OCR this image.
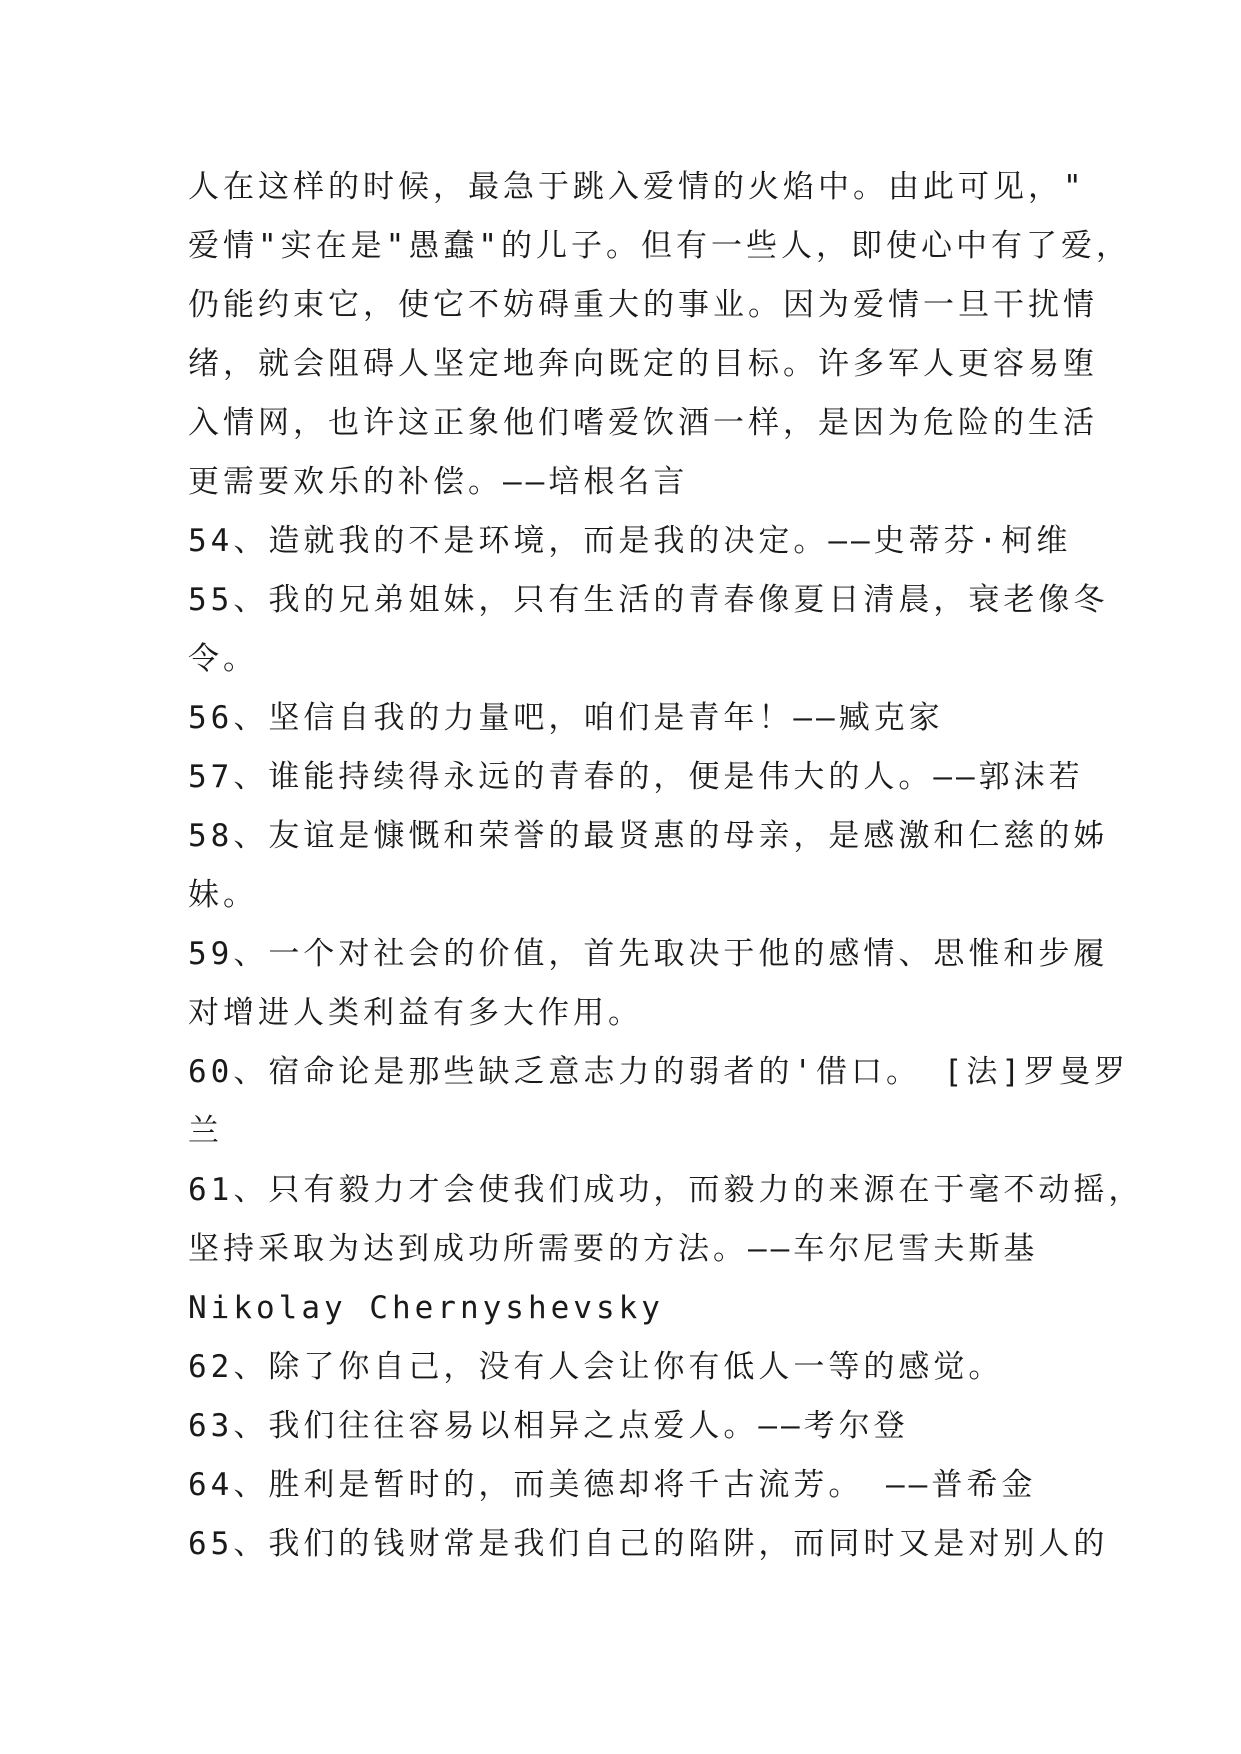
人在这样的时候，最急于跳入爱情的火焰中。由此可见，"
爱情"实在是"愚蠢"的儿子。但有一些人，即使心中有了爱，
仍能约束它，使它不妨碍重大的事业。因为爱情一旦干扰情
绪，就会阻碍人坚定地奔向既定的目标。许多军人更容易堕
入情网，也许这正象他们嗜爱饮酒一样，是因为危险的生活
更需要欢乐的补偿。——培根名言
54、造就我的不是环境，而是我的决定。——史蒂芬·柯维
55、我的兄弟姐妹，只有生活的青春像夏日清晨，衰老像冬
令。
56、坚信自我的力量吧，咱们是青年！——臧克家
57、谁能持续得永远的青春的，便是伟大的人。——郭沫若
58、友谊是慷慨和荣誉的最贤惠的母亲，是感激和仁慈的姊
妹。
59、一个对社会的价值，首先取决于他的感情、思惟和步履
对增进人类利益有多大作用。
60、宿命论是那些缺乏意志力的弱者的'借口。 [法]罗曼罗
兰
61、只有毅力才会使我们成功，而毅力的来源在于毫不动摇，
坚持采取为达到成功所需要的方法。——车尔尼雪夫斯基
Nikolay Chernyshevsky
62、除了你自己，没有人会让你有低人一等的感觉。
63、我们往往容易以相异之点爱人。——考尔登
64、胜利是暂时的，而美德却将千古流芳。 ——普希金
65、我们的钱财常是我们自己的陷阱，而同时又是对别人的
